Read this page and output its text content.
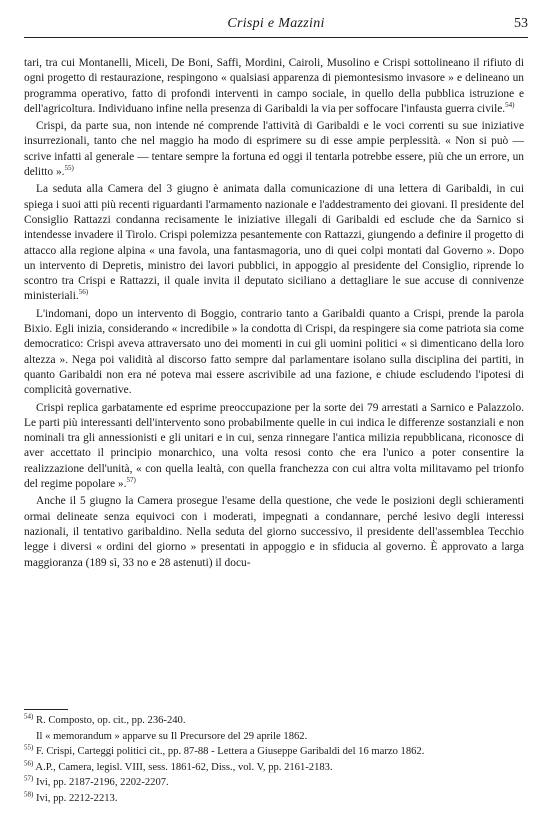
Crispi e Mazzini	53

tari, tra cui Montanelli, Miceli, De Boni, Saffi, Mordini, Cairoli, Musolino e Crispi sottolineano il rifiuto di ogni progetto di restaurazione, respingono « qualsiasi apparenza di piemontesismo invasore » e delineano un programma operativo, fatto di profondi interventi in campo sociale, in quello della pubblica istruzione e dell'agricoltura. Individuano infine nella presenza di Garibaldi la via per soffocare l'infausta guerra civile.$^{54)}$

Crispi, da parte sua, non intende né comprende l'attività di Garibaldi e le voci correnti su sue iniziative insurrezionali, tanto che nel maggio ha modo di esprimere su di esse ampie perplessità. « Non si può — scrive infatti al generale — tentare sempre la fortuna ed oggi il tentarla potrebbe essere, più che un errore, un delitto ».$^{55)}$

La seduta alla Camera del 3 giugno è animata dalla comunicazione di una lettera di Garibaldi, in cui spiega i suoi atti più recenti riguardanti l'armamento nazionale e l'addestramento dei giovani. Il presidente del Consiglio Rattazzi condanna recisamente le iniziative illegali di Garibaldi ed esclude che da Sarnico si intendesse invadere il Tirolo. Crispi polemizza pesantemente con Rattazzi, giungendo a definire il progetto di attacco alla regione alpina « una favola, una fantasmagoria, uno di quei colpi montati dal Governo ». Dopo un intervento di Depretis, ministro dei lavori pubblici, in appoggio al presidente del Consiglio, riprende lo scontro tra Crispi e Rattazzi, il quale invita il deputato siciliano a dettagliare le sue accuse di connivenze ministeriali.$^{56)}$

L'indomani, dopo un intervento di Boggio, contrario tanto a Garibaldi quanto a Crispi, prende la parola Bixio. Egli inizia, considerando « incredibile » la condotta di Crispi, da respingere sia come patriota sia come democratico: Crispi aveva attraversato uno dei momenti in cui gli uomini politici « si dimenticano della loro altezza ». Nega poi validità al discorso fatto sempre dal parlamentare isolano sulla disciplina dei partiti, in quanto Garibaldi non era né poteva mai essere ascrivibile ad una fazione, e chiude escludendo l'ipotesi di complicità governative.

Crispi replica garbatamente ed esprime preoccupazione per la sorte dei 79 arrestati a Sarnico e Palazzolo. Le parti più interessanti dell'intervento sono probabilmente quelle in cui indica le differenze sostanziali e non nominali tra gli annessionisti e gli unitari e in cui, senza rinnegare l'antica milizia repubblicana, riconosce di aver accettato il principio monarchico, una volta resosi conto che era l'unico a poter consentire la realizzazione dell'unità, « con quella lealtà, con quella franchezza con cui altra volta militavamo pel trionfo del regime popolare ».$^{57)}$

Anche il 5 giugno la Camera prosegue l'esame della questione, che vede le posizioni degli schieramenti ormai delineate senza equivoci con i moderati, impegnati a condannare, perché lesivo degli interessi nazionali, il tentativo garibaldino. Nella seduta del giorno successivo, il presidente dell'assemblea Tecchio legge i diversi « ordini del giorno » presentati in appoggio e in sfiducia al governo. È approvato a larga maggioranza (189 sì, 33 no e 28 astenuti) il docu-

$^{54)}$ R. Composto, op. cit., pp. 236-240.

Il « memorandum » apparve su Il Precursore del 29 aprile 1862.

$^{55)}$ F. Crispi, Carteggi politici cit., pp. 87-88 - Lettera a Giuseppe Garibaldi del 16 marzo 1862.

$^{56)}$ A.P., Camera, legisl. VIII, sess. 1861-62, Diss., vol. V, pp. 2161-2183.

$^{57)}$ Ivi, pp. 2187-2196, 2202-2207.

$^{58)}$ Ivi, pp. 2212-2213.
